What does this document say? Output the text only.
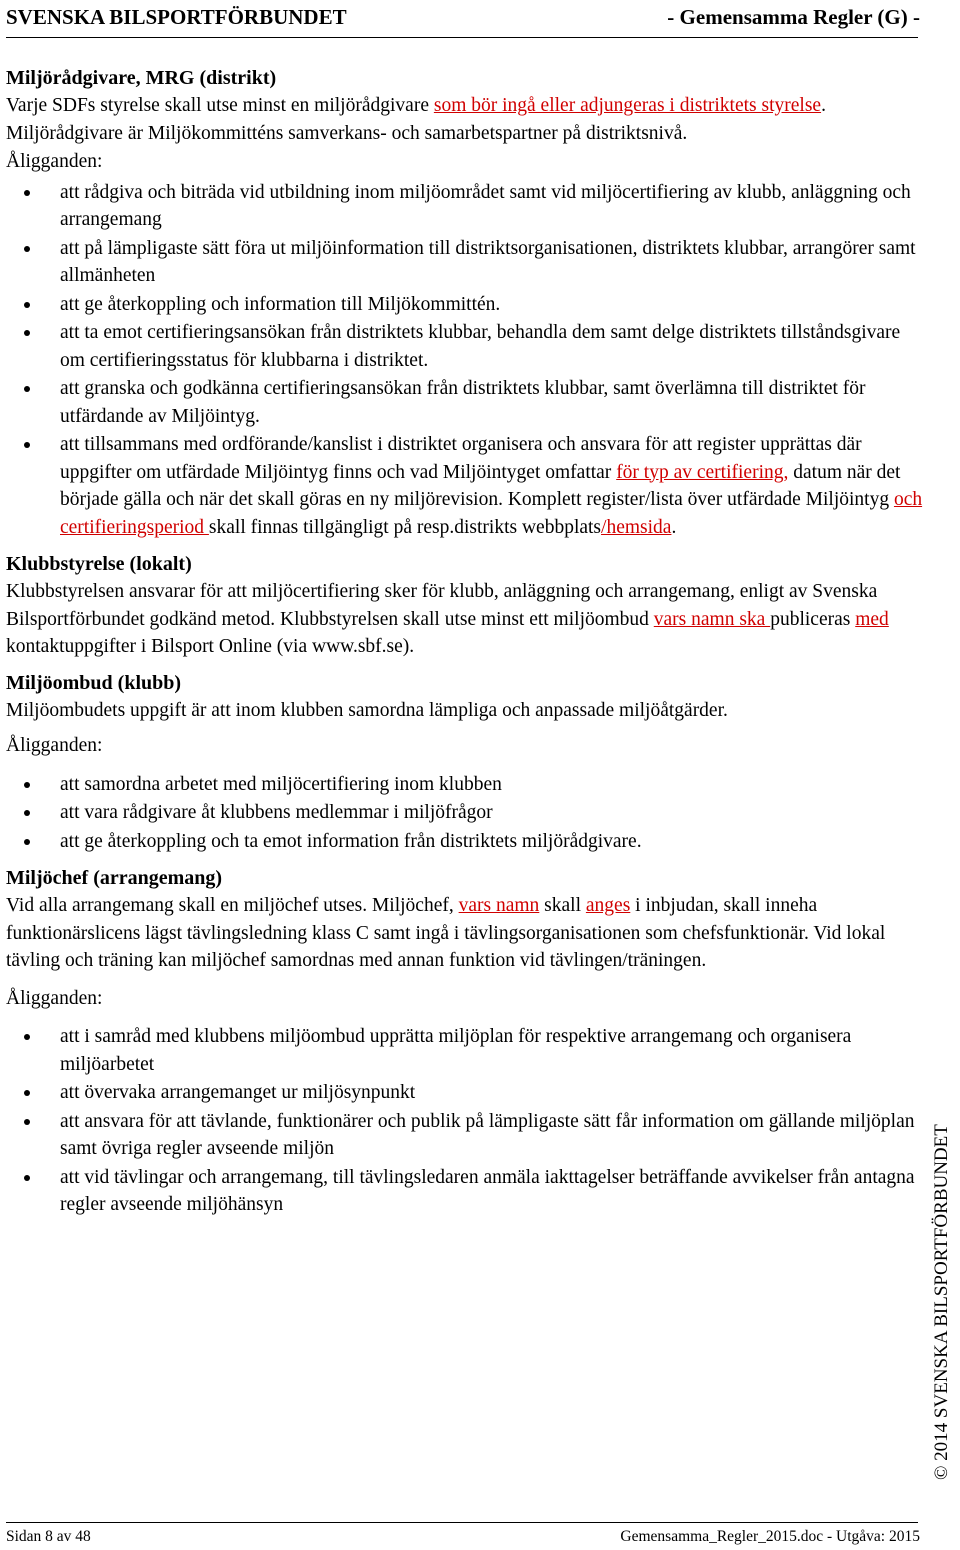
SVENSKA BILSPORTFÖRBUNDET	- Gemensamma Regler (G) -
Miljörådgivare, MRG (distrikt)

Varje SDFs styrelse skall utse minst en miljörådgivare som bör ingå eller adjungeras i distriktets styrelse.

Miljörådgivare är Miljökommitténs samverkans- och samarbetspartner på distriktsnivå.

Åligganden:

att rådgiva och biträda vid utbildning inom miljöområdet samt vid miljöcertifiering av klubb, anläggning och arrangemang
att på lämpligaste sätt föra ut miljöinformation till distriktsorganisationen, distriktets klubbar, arrangörer samt allmänheten
att ge återkoppling och information till Miljökommittén.
att ta emot certifieringsansökan från distriktets klubbar, behandla dem samt delge distriktets tillståndsgivare om certifieringsstatus för klubbarna i distriktet.
att granska och godkänna certifieringsansökan från distriktets klubbar, samt överlämna till distriktet för utfärdande av Miljöintyg.
att tillsammans med ordförande/kanslist i distriktet organisera och ansvara för att register upprättas där uppgifter om utfärdade Miljöintyg finns och vad Miljöintyget omfattar för typ av certifiering, datum när det började gälla och när det skall göras en ny miljörevision. Komplett register/lista över utfärdade Miljöintyg och certifieringsperiod skall finnas tillgängligt på resp.distrikts webbplats/hemsida.
Klubbstyrelse (lokalt)

Klubbstyrelsen ansvarar för att miljöcertifiering sker för klubb, anläggning och arrangemang, enligt av Svenska Bilsportförbundet godkänd metod. Klubbstyrelsen skall utse minst ett miljöombud vars namn ska publiceras med kontaktuppgifter i Bilsport Online (via www.sbf.se).

Miljöombud (klubb)

Miljöombudets uppgift är att inom klubben samordna lämpliga och anpassade miljöåtgärder.

Åligganden:

att samordna arbetet med miljöcertifiering inom klubben
att vara rådgivare åt klubbens medlemmar i miljöfrågor
att ge återkoppling och ta emot information från distriktets miljörådgivare.
Miljöchef (arrangemang)

Vid alla arrangemang skall en miljöchef utses. Miljöchef, vars namn skall anges i inbjudan, skall inneha funktionärslicens lägst tävlingsledning klass C samt ingå i tävlingsorganisationen som chefsfunktionär. Vid lokal tävling och träning kan miljöchef samordnas med annan funktion vid tävlingen/träningen.

Åligganden:

att i samråd med klubbens miljöombud upprätta miljöplan för respektive arrangemang och organisera miljöarbetet
att övervaka arrangemanget ur miljösynpunkt
att ansvara för att tävlande, funktionärer och publik på lämpligaste sätt får information om gällande miljöplan samt övriga regler avseende miljön
att vid tävlingar och arrangemang, till tävlingsledaren anmäla iakttagelser beträffande avvikelser från antagna regler avseende miljöhänsyn	© 2014 SVENSKA BILSPORTFÖRBUNDET
Sidan 8 av 48	Gemensamma_Regler_2015.doc - Utgåva: 2015
